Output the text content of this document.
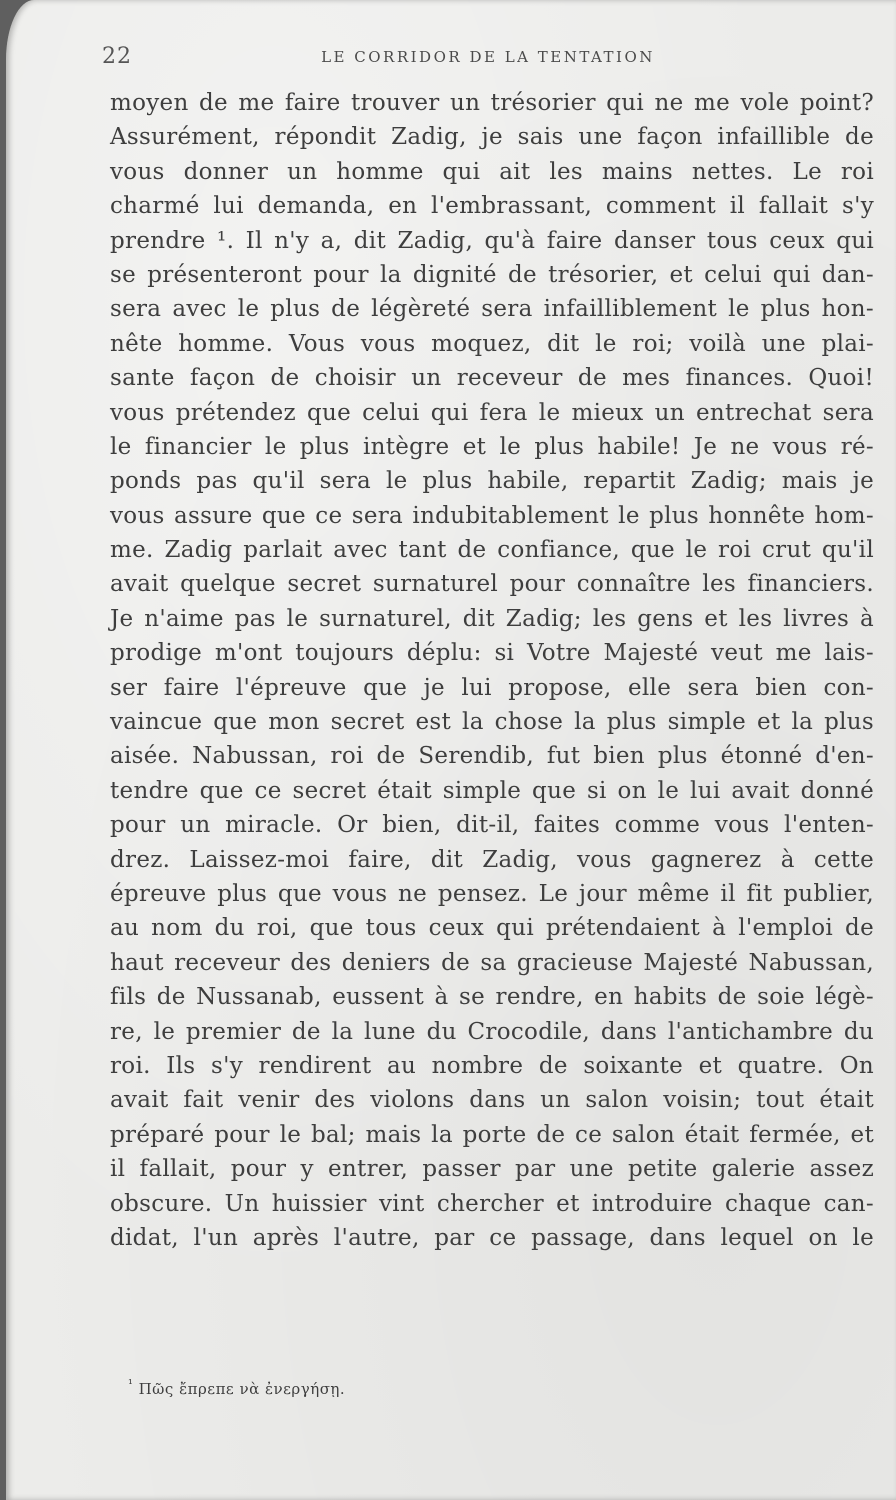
22	LE CORRIDOR DE LA TENTATION
moyen de me faire trouver un trésorier qui ne me vole point?
Assurément, répondit Zadig, je sais une façon infaillible de
vous donner un homme qui ait les mains nettes. Le roi
charmé lui demanda, en l'embrassant, comment il fallait s'y
prendre ¹. Il n'y a, dit Zadig, qu'à faire danser tous ceux qui
se présenteront pour la dignité de trésorier, et celui qui dan-
sera avec le plus de légèreté sera infailliblement le plus hon-
nête homme. Vous vous moquez, dit le roi; voilà une plai-
sante façon de choisir un receveur de mes finances. Quoi!
vous prétendez que celui qui fera le mieux un entrechat sera
le financier le plus intègre et le plus habile! Je ne vous ré-
ponds pas qu'il sera le plus habile, repartit Zadig; mais je
vous assure que ce sera indubitablement le plus honnête hom-
me. Zadig parlait avec tant de confiance, que le roi crut qu'il
avait quelque secret surnaturel pour connaître les financiers.
Je n'aime pas le surnaturel, dit Zadig; les gens et les livres à
prodige m'ont toujours déplu: si Votre Majesté veut me lais-
ser faire l'épreuve que je lui propose, elle sera bien con-
vaincue que mon secret est la chose la plus simple et la plus
aisée. Nabussan, roi de Serendib, fut bien plus étonné d'en-
tendre que ce secret était simple que si on le lui avait donné
pour un miracle. Or bien, dit-il, faites comme vous l'enten-
drez. Laissez-moi faire, dit Zadig, vous gagnerez à cette
épreuve plus que vous ne pensez. Le jour même il fit publier,
au nom du roi, que tous ceux qui prétendaient à l'emploi de
haut receveur des deniers de sa gracieuse Majesté Nabussan,
fils de Nussanab, eussent à se rendre, en habits de soie légè-
re, le premier de la lune du Crocodile, dans l'antichambre du
roi. Ils s'y rendirent au nombre de soixante et quatre. On
avait fait venir des violons dans un salon voisin; tout était
préparé pour le bal; mais la porte de ce salon était fermée, et
il fallait, pour y entrer, passer par une petite galerie assez
obscure. Un huissier vint chercher et introduire chaque can-
didat, l'un après l'autre, par ce passage, dans lequel on le
$^{^1}$ Πῶς ἔπρεπε νὰ ἐνεργήσῃ.
